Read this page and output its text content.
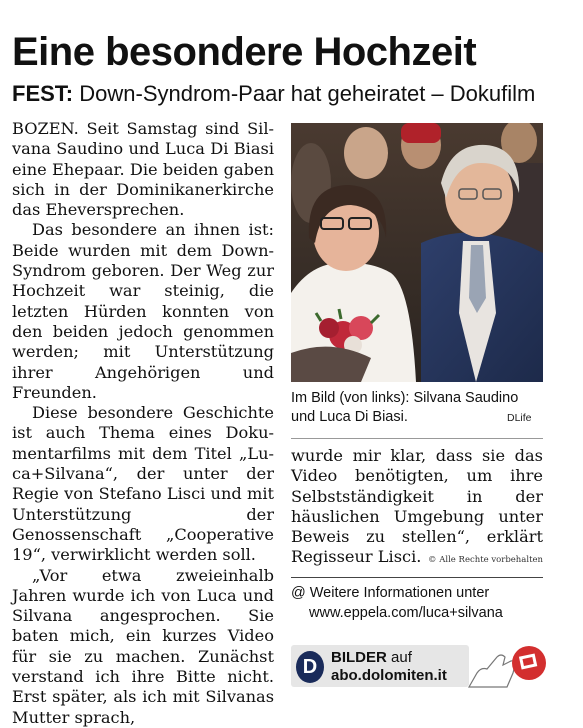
Eine besondere Hochzeit
FEST: Down-Syndrom-Paar hat geheiratet – Dokufilm

BOZEN. Seit Samstag sind Silvana Saudino und Luca Di Biasi eine Ehepaar. Die beiden gaben sich in der Dominikanerkirche das Eheversprechen.

Das besondere an ihnen ist: Beide wurden mit dem DownSyndrom geboren. Der Weg zur Hochzeit war steinig, die letzten Hürden konnten von den beiden jedoch genommen werden; mit Unterstützung ihrer Angehörigen und Freunden.

Diese besondere Geschichte ist auch Thema eines Dokumentarfilms mit dem Titel „Luca+Silvana“, der unter der Regie von Stefano Lisci und mit Unterstützung der Genossenschaft „Cooperative 19“, verwirklicht werden soll.

„Vor etwa zweieinhalb Jahren wurde ich von Luca und Silvana angesprochen. Sie baten mich, ein kurzes Video für sie zu machen. Zunächst verstand ich ihre Bitte nicht. Erst später, als ich mit Silvanas Mutter sprach,

Im Bild (von links): Silvana Saudino und Luca Di Biasi.	DLife

wurde mir klar, dass sie das Video benötigten, um ihre Selbstständigkeit in der häuslichen Umgebung unter Beweis zu stellen“, erklärt Regisseur Lisci. © Alle Rechte vorbehalten
@ Weitere Informationen unter
www.eppela.com/luca+silvana
D BILDER auf
abo.dolomiten.it
